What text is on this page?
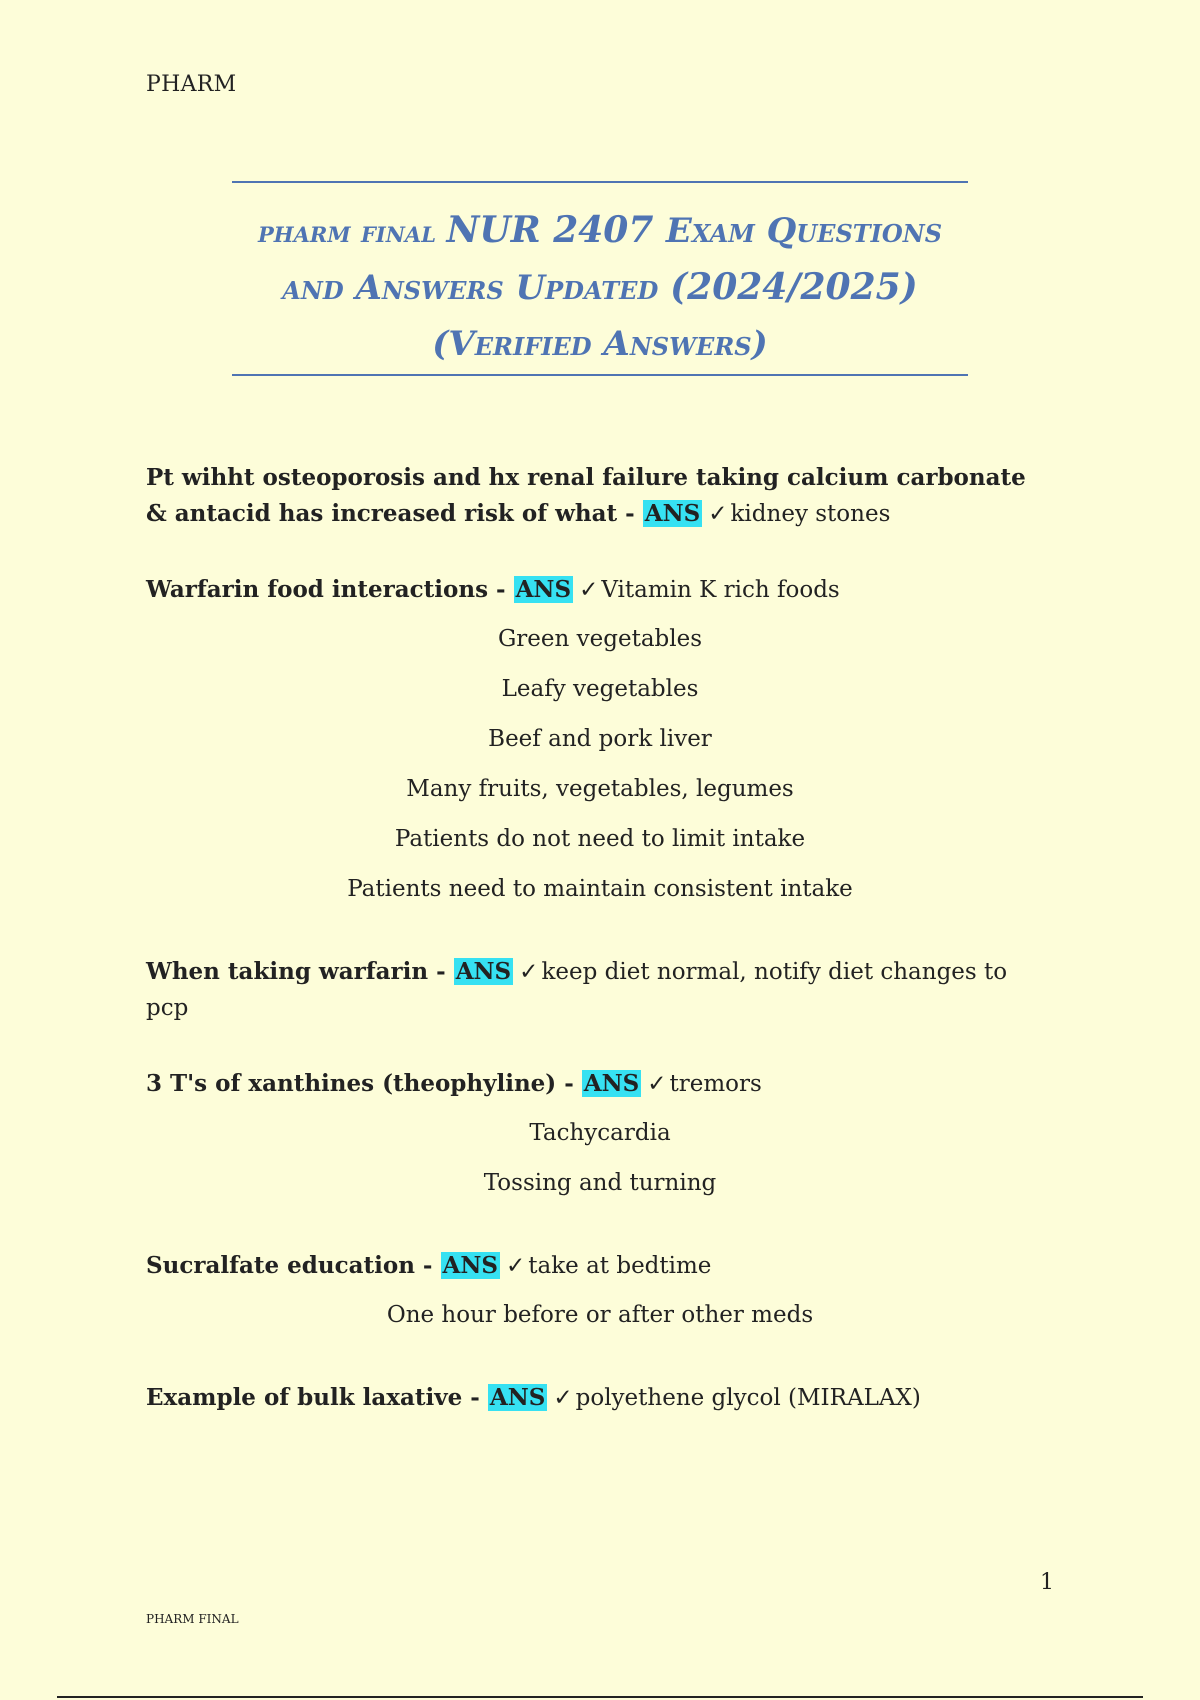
PHARM
pharm final NUR 2407 Exam Questions
and Answers Updated (2024/2025)
(Verified Answers)
Pt wihht osteoporosis and hx renal failure taking calcium carbonate & antacid has increased risk of what - ANS ✓ kidney stones
Warfarin food interactions - ANS ✓ Vitamin K rich foods
Green vegetables
Leafy vegetables
Beef and pork liver
Many fruits, vegetables, legumes
Patients do not need to limit intake
Patients need to maintain consistent intake
When taking warfarin - ANS ✓ keep diet normal, notify diet changes to pcp
3 T's of xanthines (theophyline) - ANS ✓ tremors
Tachycardia
Tossing and turning
Sucralfate education - ANS ✓ take at bedtime
One hour before or after other meds
Example of bulk laxative - ANS ✓ polyethene glycol (MIRALAX)
1
PHARM FINAL
